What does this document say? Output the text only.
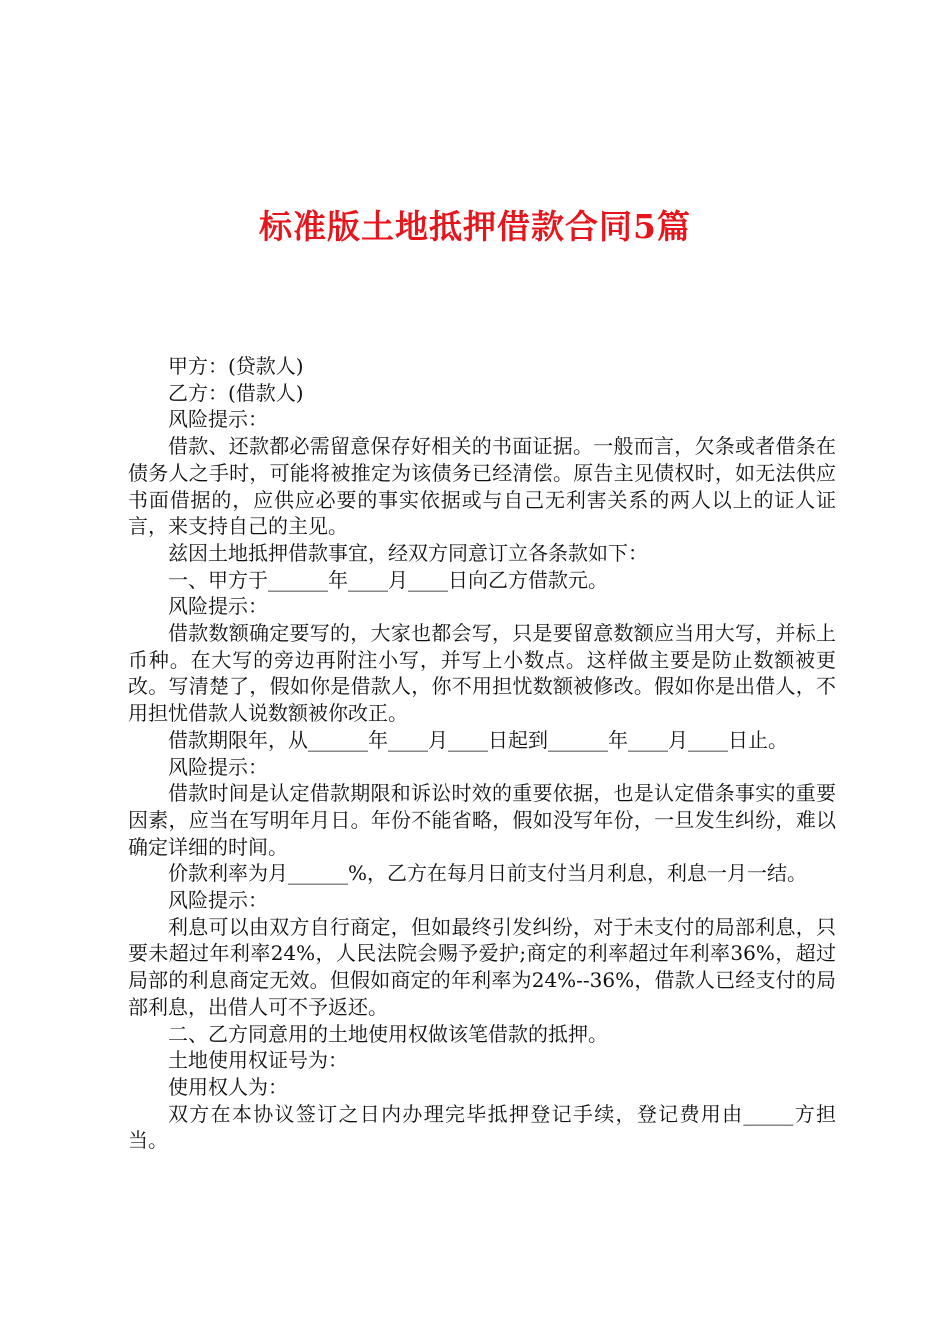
标准版土地抵押借款合同5篇

甲方：(贷款人)

乙方：(借款人)

风险提示：

借款、还款都必需留意保存好相关的书面证据。一般而言，欠条或者借条在债务人之手时，可能将被推定为该债务已经清偿。原告主见债权时，如无法供应书面借据的，应供应必要的事实依据或与自己无利害关系的两人以上的证人证言，来支持自己的主见。

兹因土地抵押借款事宜，经双方同意订立各条款如下：

一、甲方于______年____月____日向乙方借款元。

风险提示：

借款数额确定要写的，大家也都会写，只是要留意数额应当用大写，并标上币种。在大写的旁边再附注小写，并写上小数点。这样做主要是防止数额被更改。写清楚了，假如你是借款人，你不用担忧数额被修改。假如你是出借人，不用担忧借款人说数额被你改正。

借款期限年，从______年____月____日起到______年____月____日止。

风险提示：

借款时间是认定借款期限和诉讼时效的重要依据，也是认定借条事实的重要因素，应当在写明年月日。年份不能省略，假如没写年份，一旦发生纠纷，难以确定详细的时间。

价款利率为月______%，乙方在每月日前支付当月利息，利息一月一结。

风险提示：

利息可以由双方自行商定，但如最终引发纠纷，对于未支付的局部利息，只要未超过年利率24%，人民法院会赐予爱护;商定的利率超过年利率36%，超过局部的利息商定无效。但假如商定的年利率为24%--36%，借款人已经支付的局部利息，出借人可不予返还。

二、乙方同意用的土地使用权做该笔借款的抵押。

土地使用权证号为：

使用权人为：

双方在本协议签订之日内办理完毕抵押登记手续，登记费用由_____方担当。
